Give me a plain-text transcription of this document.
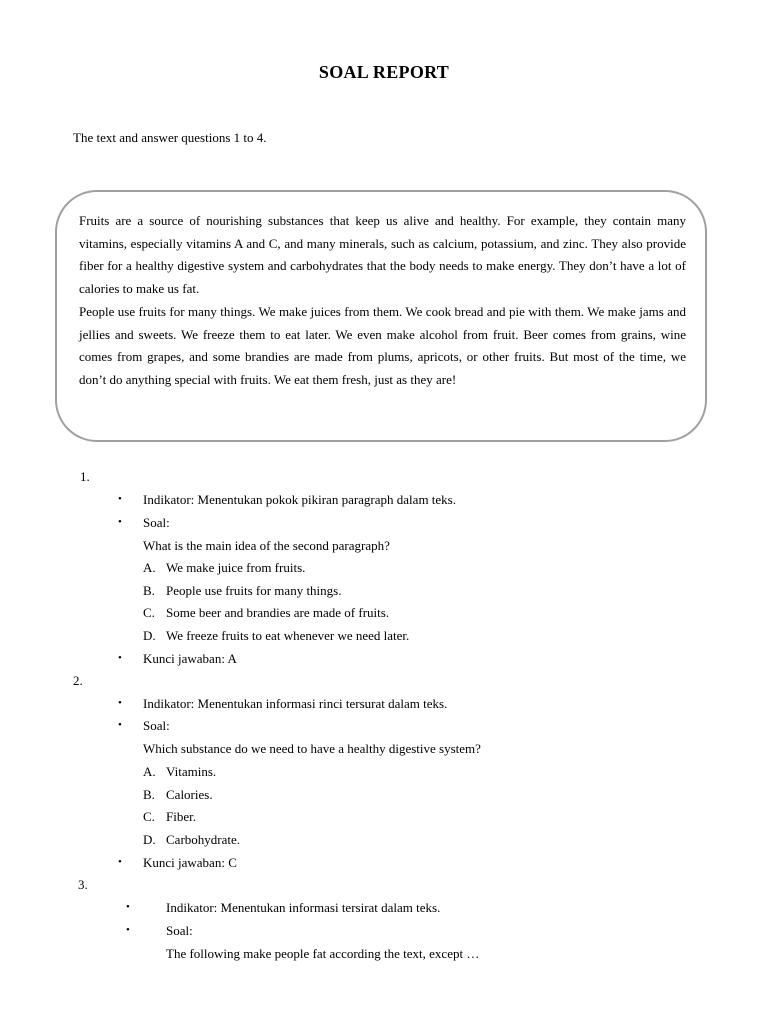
SOAL REPORT
The text and answer questions 1 to 4.

Fruits are a source of nourishing substances that keep us alive and healthy. For example, they contain many vitamins, especially vitamins A and C, and many minerals, such as calcium, potassium, and zinc. They also provide fiber for a healthy digestive system and carbohydrates that the body needs to make energy. They don’t have a lot of calories to make us fat.

People use fruits for many things. We make juices from them. We cook bread and pie with them. We make jams and jellies and sweets. We freeze them to eat later. We even make alcohol from fruit. Beer comes from grains, wine comes from grapes, and some brandies are made from plums, apricots, or other fruits. But most of the time, we don’t do anything special with fruits. We eat them fresh, just as they are!

1.
• Indikator: Menentukan pokok pikiran paragraph dalam teks.
• Soal:
What is the main idea of the second paragraph?
A. We make juice from fruits.
B. People use fruits for many things.
C. Some beer and brandies are made of fruits.
D. We freeze fruits to eat whenever we need later.
• Kunci jawaban: A
2.
• Indikator: Menentukan informasi rinci tersurat dalam teks.
• Soal:
Which substance do we need to have a healthy digestive system?
A. Vitamins.
B. Calories.
C. Fiber.
D. Carbohydrate.
• Kunci jawaban: C
3.
•	Indikator: Menentukan informasi tersirat dalam teks.
•	Soal:
The following make people fat according the text, except …
